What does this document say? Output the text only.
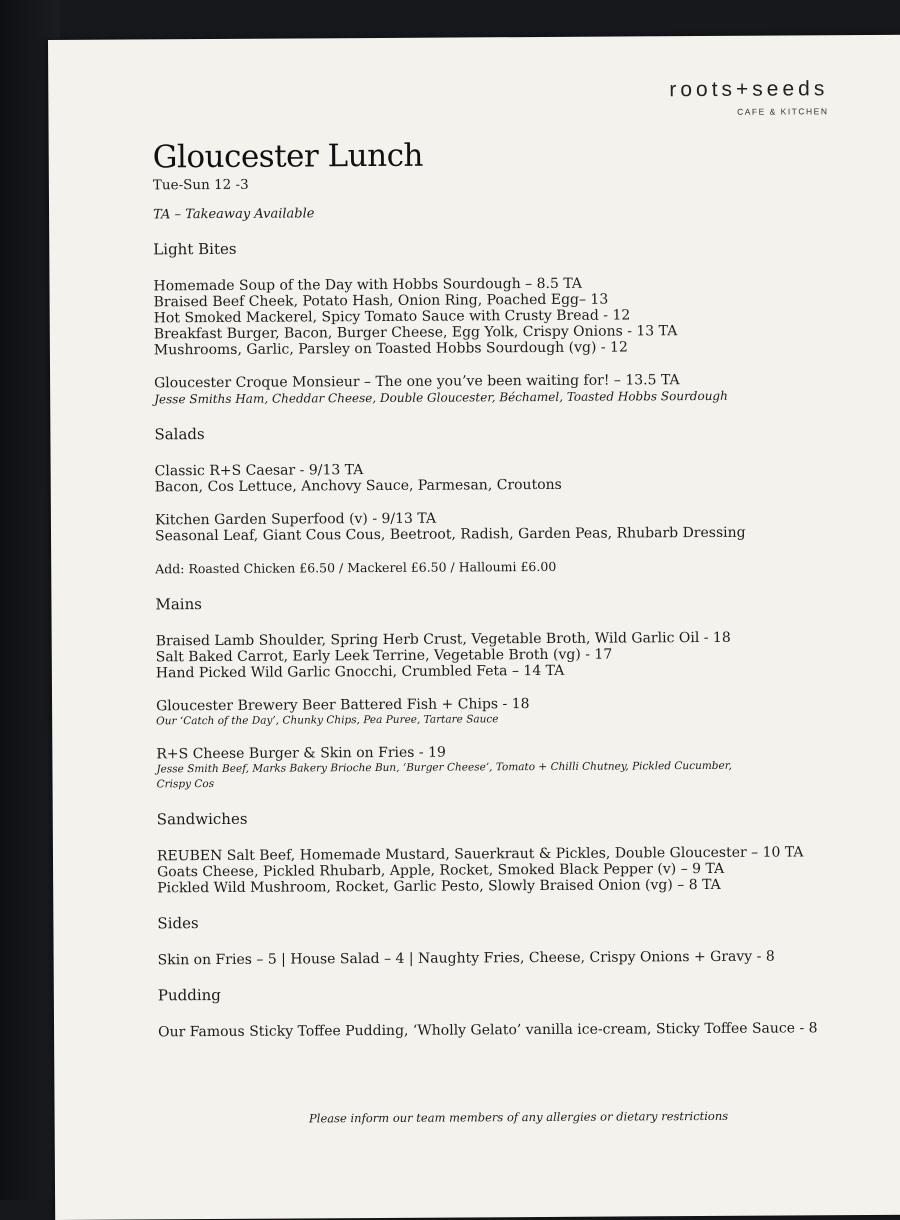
roots+seeds
CAFE & KITCHEN
Gloucester Lunch
Tue-Sun 12 -3
TA – Takeaway Available
Light Bites
Homemade Soup of the Day with Hobbs Sourdough – 8.5 TA
Braised Beef Cheek, Potato Hash, Onion Ring, Poached Egg– 13
Hot Smoked Mackerel, Spicy Tomato Sauce with Crusty Bread - 12
Breakfast Burger, Bacon, Burger Cheese, Egg Yolk, Crispy Onions - 13 TA
Mushrooms, Garlic, Parsley on Toasted Hobbs Sourdough (vg) - 12
Gloucester Croque Monsieur – The one you’ve been waiting for! – 13.5 TA
Jesse Smiths Ham, Cheddar Cheese, Double Gloucester, Béchamel, Toasted Hobbs Sourdough
Salads
Classic R+S Caesar - 9/13 TA
Bacon, Cos Lettuce, Anchovy Sauce, Parmesan, Croutons
Kitchen Garden Superfood (v) - 9/13 TA
Seasonal Leaf, Giant Cous Cous, Beetroot, Radish, Garden Peas, Rhubarb Dressing
Add: Roasted Chicken £6.50 / Mackerel £6.50 / Halloumi £6.00
Mains
Braised Lamb Shoulder, Spring Herb Crust, Vegetable Broth, Wild Garlic Oil - 18
Salt Baked Carrot, Early Leek Terrine, Vegetable Broth (vg) - 17
Hand Picked Wild Garlic Gnocchi, Crumbled Feta – 14 TA
Gloucester Brewery Beer Battered Fish + Chips - 18
Our ‘Catch of the Day’, Chunky Chips, Pea Puree, Tartare Sauce
R+S Cheese Burger & Skin on Fries - 19
Jesse Smith Beef, Marks Bakery Brioche Bun, ‘Burger Cheese’, Tomato + Chilli Chutney, Pickled Cucumber,
Crispy Cos
Sandwiches
REUBEN Salt Beef, Homemade Mustard, Sauerkraut & Pickles, Double Gloucester – 10 TA
Goats Cheese, Pickled Rhubarb, Apple, Rocket, Smoked Black Pepper (v) – 9 TA
Pickled Wild Mushroom, Rocket, Garlic Pesto, Slowly Braised Onion (vg) – 8 TA
Sides
Skin on Fries – 5 | House Salad – 4 | Naughty Fries, Cheese, Crispy Onions + Gravy - 8
Pudding
Our Famous Sticky Toffee Pudding, ‘Wholly Gelato’ vanilla ice-cream, Sticky Toffee Sauce - 8
Please inform our team members of any allergies or dietary restrictions
